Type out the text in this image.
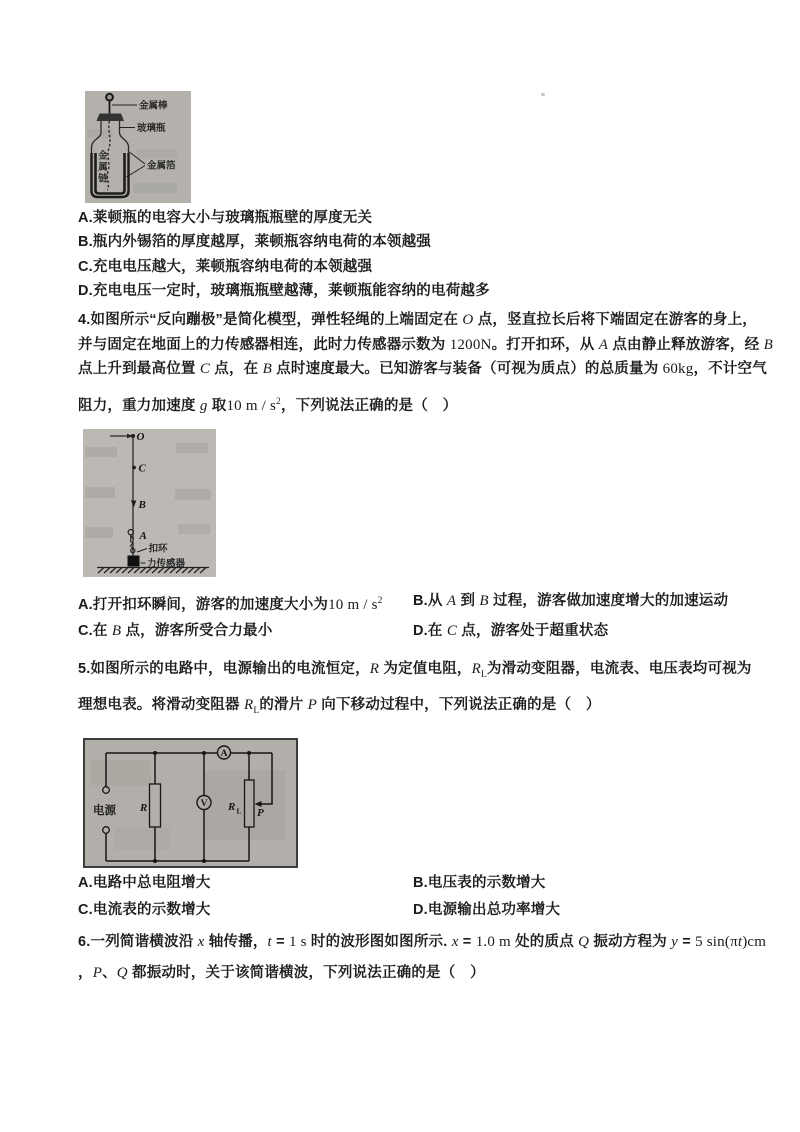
金属棒
玻璃瓶
金属箔
金属链
A.莱顿瓶的电容大小与玻璃瓶瓶壁的厚度无关
B.瓶内外锡箔的厚度越厚，莱顿瓶容纳电荷的本领越强
C.充电电压越大，莱顿瓶容纳电荷的本领越强
D.充电电压一定时，玻璃瓶瓶壁越薄，莱顿瓶能容纳的电荷越多
4.如图所示“反向蹦极”是简化模型，弹性轻绳的上端固定在 O 点，竖直拉长后将下端固定在游客的身上，
并与固定在地面上的力传感器相连，此时力传感器示数为 1200N。打开扣环，从 A 点由静止释放游客，经 B
点上升到最高位置 C 点，在 B 点时速度最大。已知游客与装备（可视为质点）的总质量为 60kg，不计空气
阻力，重力加速度 g 取10 m / $s^2$，下列说法正确的是（　）
O
C
B
A
扣环
力传感器
A.打开扣环瞬间，游客的加速度大小为10 m / $s^2$ B.从 A 到 B 过程，游客做加速度增大的加速运动
C.在 B 点，游客所受合力最小	D.在 C 点，游客处于超重状态
5.如图所示的电路中，电源输出的电流恒定，R 为定值电阻，$R_L$为滑动变阻器，电流表、电压表均可视为
理想电表。将滑动变阻器 $R_L$的滑片 P 向下移动过程中，下列说法正确的是（　）
电源 R	V
A
R L P
A.电路中总电阻增大	B.电压表的示数增大
C.电流表的示数增大	D.电源输出总功率增大
6.一列简谐横波沿 x 轴传播，t = 1 s 时的波形图如图所示. x = 1.0 m 处的质点 Q 振动方程为 y = 5 sin(πt)cm
，P、Q 都振动时，关于该简谐横波，下列说法正确的是（　）
